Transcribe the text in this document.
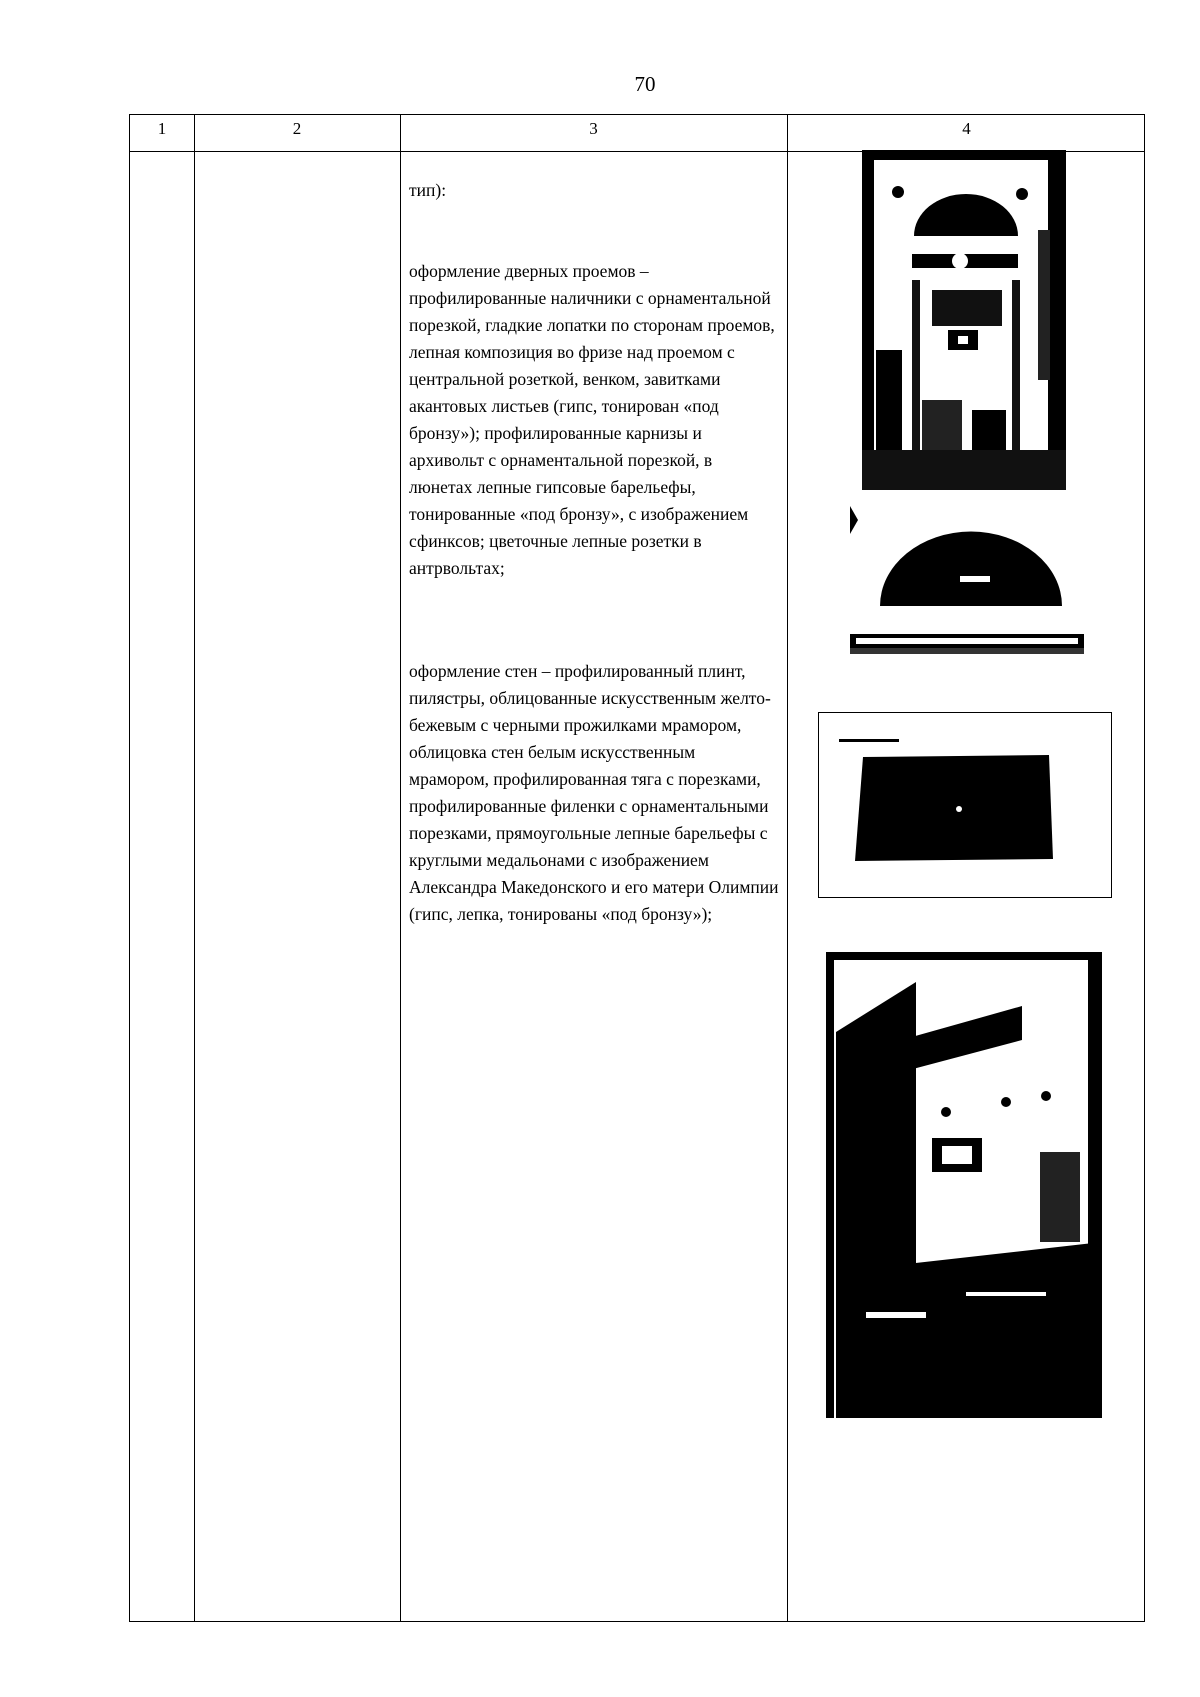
70
1	2	3	4
тип):
оформление дверных проемов – профилированные наличники с орнаментальной порезкой, гладкие лопатки по сторонам проемов, лепная композиция во фризе над проемом с центральной розеткой, венком, завитками акантовых листьев (гипс, тонирован «под бронзу»); профилированные карнизы и архивольт с орнаментальной порезкой, в люнетах лепные гипсовые барельефы, тонированные «под бронзу», с изображением сфинксов; цветочные лепные розетки в антрвольтах;
оформление стен – профилированный плинт, пилястры, облицованные искусственным желто-бежевым с черными прожилками мрамором, облицовка стен белым искусственным мрамором, профилированная тяга с порезками, профилированные филенки с орнаментальными порезками, прямоугольные лепные барельефы с круглыми медальонами с изображением Александра Македонского и его матери Олимпии (гипс, лепка, тонированы «под бронзу»);
